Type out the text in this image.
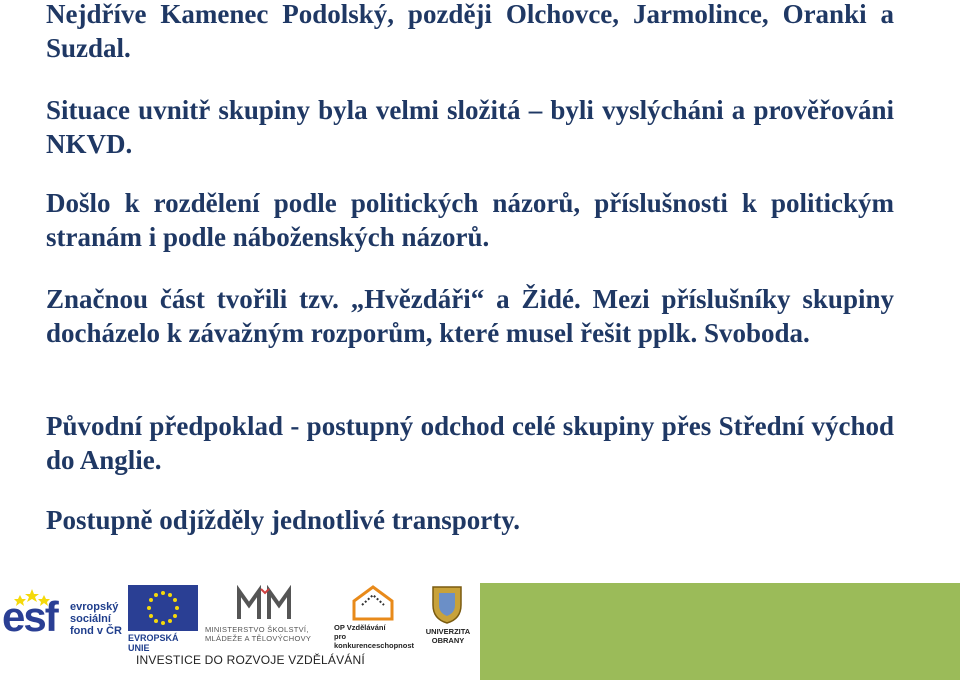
Nejdříve Kamenec Podolský, později Olchovce, Jarmolince, Oranki a Suzdal.

Situace uvnitř skupiny byla velmi složitá – byli vyslýcháni a prověřováni NKVD.

Došlo k rozdělení podle politických názorů, příslušnosti k politickým stranám i podle náboženských názorů.

Značnou část tvořili tzv. „Hvězdáři“ a Židé. Mezi příslušníky skupiny docházelo k závažným rozporům, které musel řešit pplk. Svoboda.

Původní předpoklad - postupný odchod celé skupiny přes Střední východ do Anglie.

Postupně odjížděly jednotlivé transporty.

esf evropský
sociální
fond v ČR
EVROPSKÁ UNIE
MINISTERSTVO ŠKOLSTVÍ,
MLÁDEŽE A TĚLOVÝCHOVY
OP Vzdělávání
pro konkurenceschopnost
UNIVERZITA
OBRANY
INVESTICE DO ROZVOJE VZDĚLÁVÁNÍ
